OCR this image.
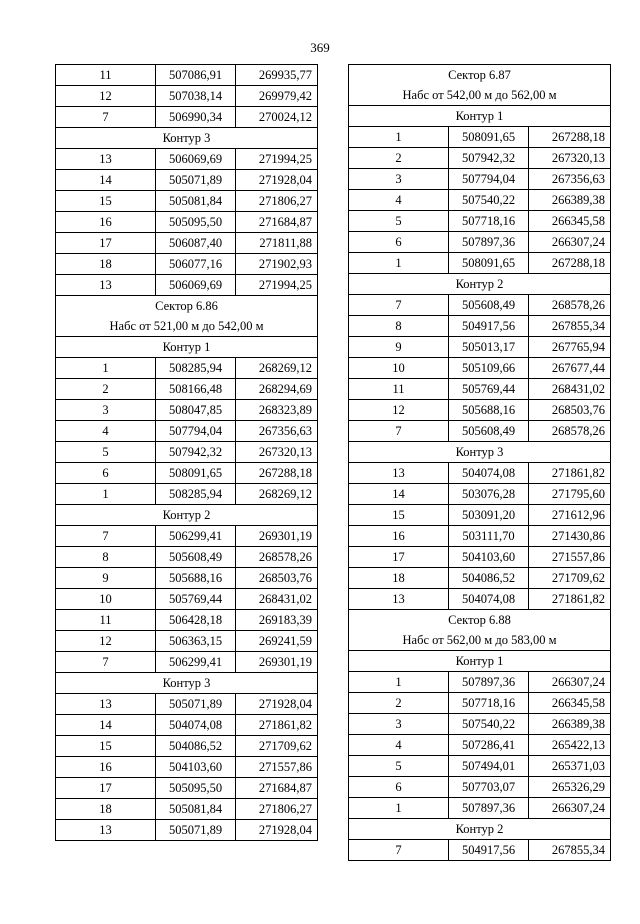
369
11	507086,91	269935,77
12	507038,14	269979,42
7	506990,34	270024,12
Контур 3		
13	506069,69	271994,25
14	505071,89	271928,04
15	505081,84	271806,27
16	505095,50	271684,87
17	506087,40	271811,88
18	506077,16	271902,93
13	506069,69	271994,25

Сектор 6.86
Набс от 521,00 м до 542,00 м		

Контур 1		
1	508285,94	268269,12
2	508166,48	268294,69
3	508047,85	268323,89
4	507794,04	267356,63
5	507942,32	267320,13
6	508091,65	267288,18
1	508285,94	268269,12
Контур 2		
7	506299,41	269301,19
8	505608,49	268578,26
9	505688,16	268503,76
10	505769,44	268431,02
11	506428,18	269183,39
12	506363,15	269241,59
7	506299,41	269301,19
Контур 3		
13	505071,89	271928,04
14	504074,08	271861,82
15	504086,52	271709,62
16	504103,60	271557,86
17	505095,50	271684,87
18	505081,84	271806,27
13	505071,89	271928,04
Сектор 6.87
Набс от 542,00 м до 562,00 м		

Контур 1		
1	508091,65	267288,18
2	507942,32	267320,13
3	507794,04	267356,63
4	507540,22	266389,38
5	507718,16	266345,58
6	507897,36	266307,24
1	508091,65	267288,18
Контур 2		
7	505608,49	268578,26
8	504917,56	267855,34
9	505013,17	267765,94
10	505109,66	267677,44
11	505769,44	268431,02
12	505688,16	268503,76
7	505608,49	268578,26
Контур 3		
13	504074,08	271861,82
14	503076,28	271795,60
15	503091,20	271612,96
16	503111,70	271430,86
17	504103,60	271557,86
18	504086,52	271709,62
13	504074,08	271861,82

Сектор 6.88
Набс от 562,00 м до 583,00 м		

Контур 1		
1	507897,36	266307,24
2	507718,16	266345,58
3	507540,22	266389,38
4	507286,41	265422,13
5	507494,01	265371,03
6	507703,07	265326,29
1	507897,36	266307,24
Контур 2		
7	504917,56	267855,34
